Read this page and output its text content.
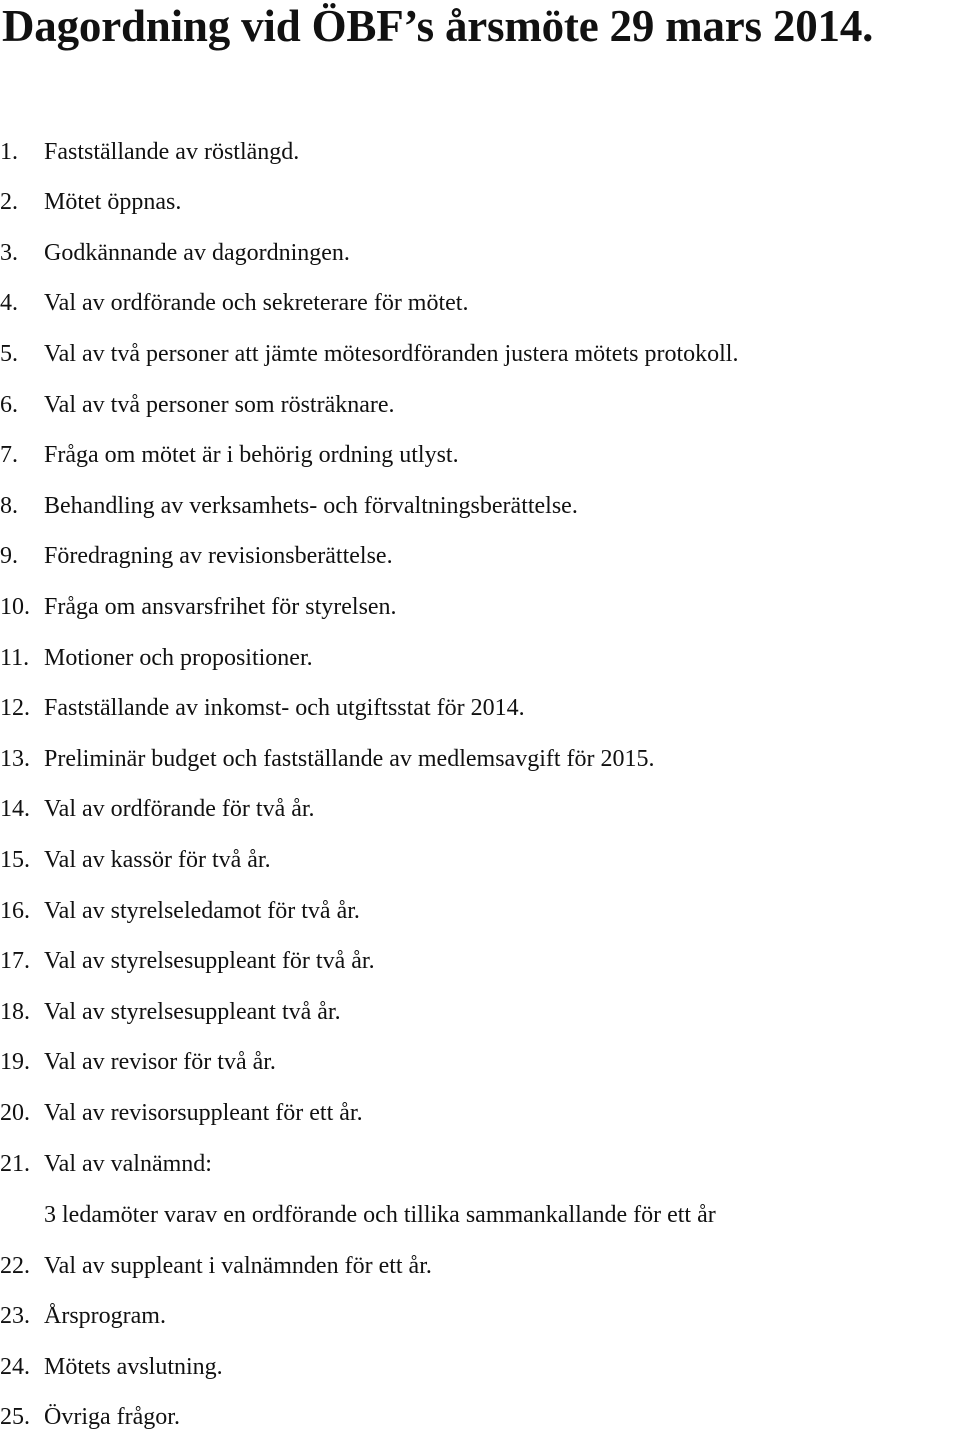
Dagordning vid ÖBF’s årsmöte 29 mars 2014.
1. Fastställande av röstlängd.
2. Mötet öppnas.
3. Godkännande av dagordningen.
4. Val av ordförande och sekreterare för mötet.
5. Val av två personer att jämte mötesordföranden justera mötets protokoll.
6. Val av två personer som rösträknare.
7. Fråga om mötet är i behörig ordning utlyst.
8. Behandling av verksamhets- och förvaltningsberättelse.
9. Föredragning av revisionsberättelse.
10. Fråga om ansvarsfrihet för styrelsen.
11. Motioner och propositioner.
12. Fastställande av inkomst- och utgiftsstat för 2014.
13. Preliminär budget och fastställande av medlemsavgift för 2015.
14. Val av ordförande för två år.
15. Val av kassör för två år.
16. Val av styrelseledamot för två år.
17. Val av styrelsesuppleant för två år.
18. Val av styrelsesuppleant två år.
19. Val av revisor för två år.
20. Val av revisorsuppleant för ett år.
21. Val av valnämnd:
22. Val av suppleant i valnämnden för ett år.
23. Årsprogram.
24. Mötets avslutning.
25. Övriga frågor.
3 ledamöter varav en ordförande och tillika sammankallande för ett år
